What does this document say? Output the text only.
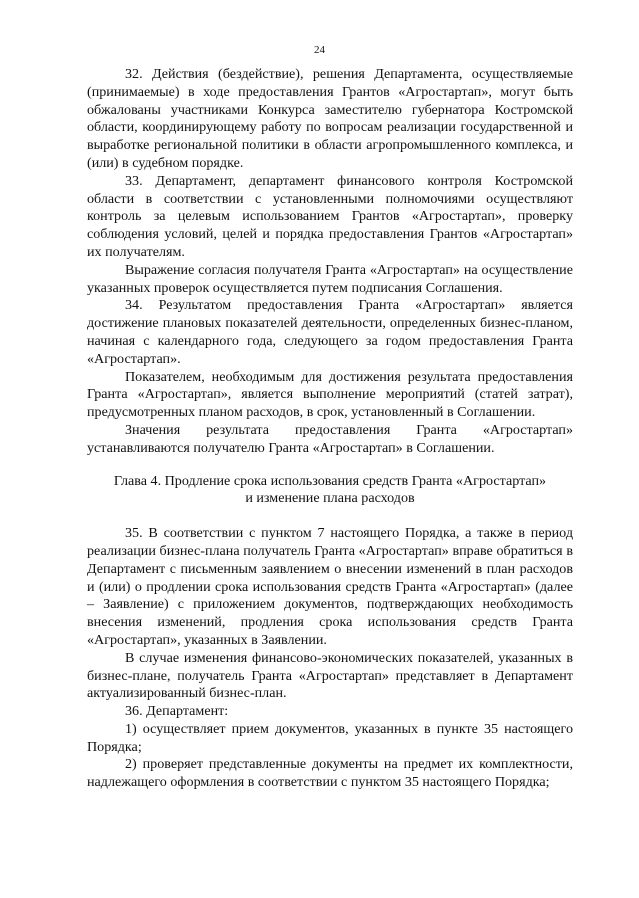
24

32. Действия (бездействие), решения Департамента, осуществляемые (принимаемые) в ходе предоставления Грантов «Агростартап», могут быть обжалованы участниками Конкурса заместителю губернатора Костромской области, координирующему работу по вопросам реализации государственной и выработке региональной политики в области агропромышленного комплекса, и (или) в судебном порядке.

33. Департамент, департамент финансового контроля Костромской области в соответствии с установленными полномочиями осуществляют контроль за целевым использованием Грантов «Агростартап», проверку соблюдения условий, целей и порядка предоставления Грантов «Агростартап» их получателям.

Выражение согласия получателя Гранта «Агростартап» на осуществление указанных проверок осуществляется путем подписания Соглашения.

34. Результатом предоставления Гранта «Агростартап» является достижение плановых показателей деятельности, определенных бизнес-планом, начиная с календарного года, следующего за годом предоставления Гранта «Агростартап».

Показателем, необходимым для достижения результата предоставления Гранта «Агростартап», является выполнение мероприятий (статей затрат), предусмотренных планом расходов, в срок, установленный в Соглашении.

Значения результата предоставления Гранта «Агростартап» устанавливаются получателю Гранта «Агростартап» в Соглашении.

Глава 4. Продление срока использования средств Гранта «Агростартап»
и изменение плана расходов

35. В соответствии с пунктом 7 настоящего Порядка, а также в период реализации бизнес-плана получатель Гранта «Агростартап» вправе обратиться в Департамент с письменным заявлением о внесении изменений в план расходов и (или) о продлении срока использования средств Гранта «Агростартап» (далее – Заявление) с приложением документов, подтверждающих необходимость внесения изменений, продления срока использования средств Гранта «Агростартап», указанных в Заявлении.

В случае изменения финансово-экономических показателей, указанных в бизнес-плане, получатель Гранта «Агростартап» представляет в Департамент актуализированный бизнес-план.

36. Департамент:

1) осуществляет прием документов, указанных в пункте 35 настоящего Порядка;

2) проверяет представленные документы на предмет их комплектности, надлежащего оформления в соответствии с пунктом 35 настоящего Порядка;
